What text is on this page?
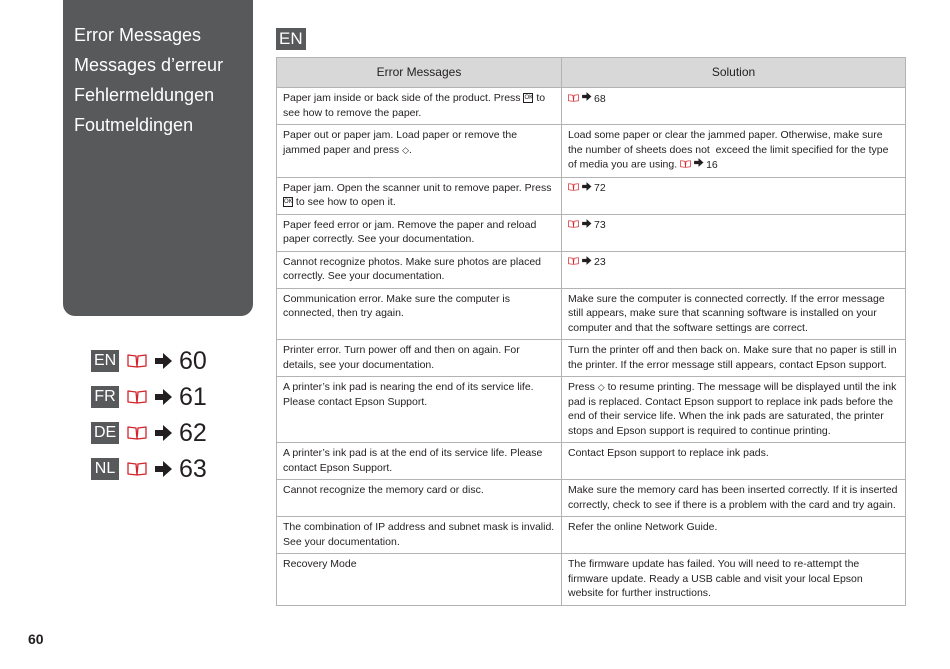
Error Messages
Messages d’erreur
Fehlermeldungen
Foutmeldingen
EN
EN	60
FR	61
DE	62
NL	63
Error Messages	Solution
Paper jam inside or back side of the product. Press OK to see how to remove the paper.	68

Paper out or paper jam. Load paper or remove the jammed paper and press ◇.	Load some paper or clear the jammed paper. Otherwise, make sure the number of sheets does not  exceed the limit specified for the type of media you are using. 16

Paper jam. Open the scanner unit to remove paper. Press OK to see how to open it.	72

Paper feed error or jam. Remove the paper and reload paper correctly. See your documentation.	73

Cannot recognize photos. Make sure photos are placed correctly. See your documentation.	23

Communication error. Make sure the computer is connected, then try again.	Make sure the computer is connected correctly. If the error message still appears, make sure that scanning software is installed on your computer and that the software settings are correct.
Printer error. Turn power off and then on again. For details, see your documentation.	Turn the printer off and then back on. Make sure that no paper is still in the printer. If the error message still appears, contact Epson support.
A printer’s ink pad is nearing the end of its service life. Please contact Epson Support.	Press ◇ to resume printing. The message will be displayed until the ink pad is replaced. Contact Epson support to replace ink pads before the end of their service life. When the ink pads are saturated, the printer stops and Epson support is required to continue printing.
A printer’s ink pad is at the end of its service life. Please contact Epson Support.	Contact Epson support to replace ink pads.
Cannot recognize the memory card or disc.	Make sure the memory card has been inserted correctly. If it is inserted correctly, check to see if there is a problem with the card and try again.
The combination of IP address and subnet mask is invalid. See your documentation.	Refer the online Network Guide.
Recovery Mode	The firmware update has failed. You will need to re-attempt the firmware update. Ready a USB cable and visit your local Epson website for further instructions.
60
